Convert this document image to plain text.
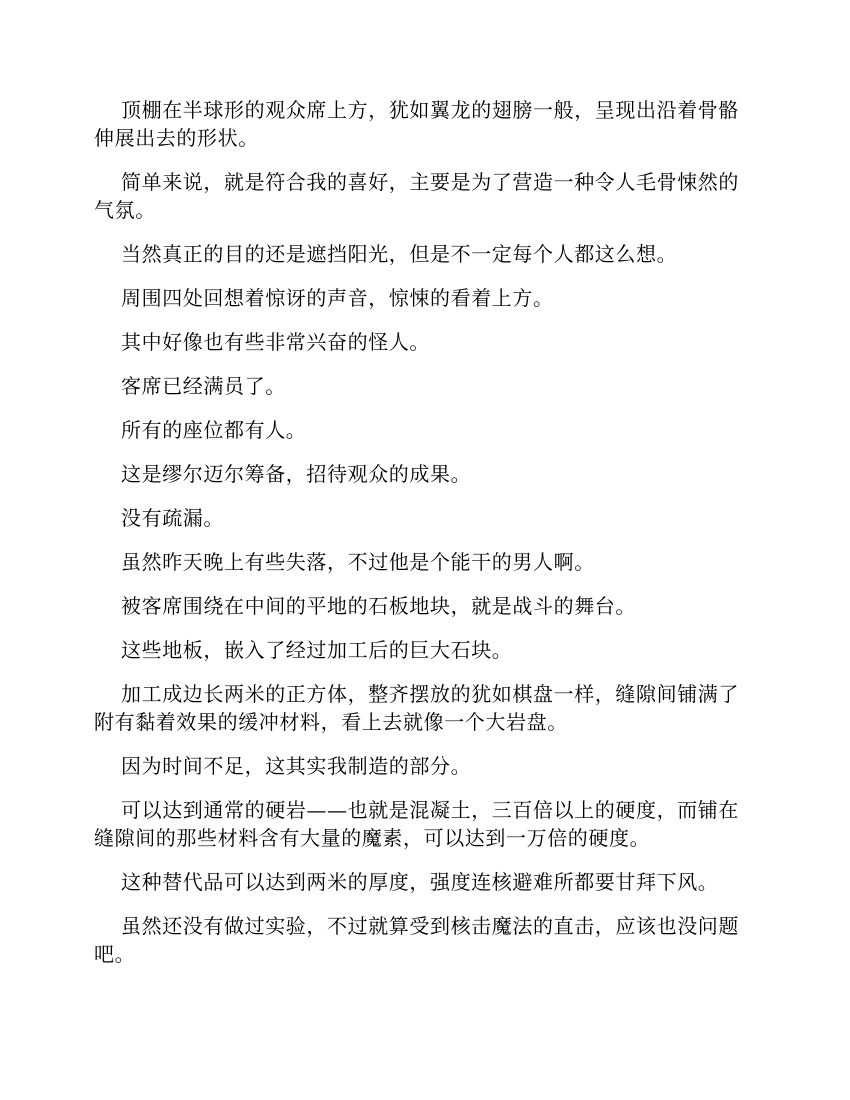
顶棚在半球形的观众席上方，犹如翼龙的翅膀一般，呈现出沿着骨骼伸展出去的形状。

简单来说，就是符合我的喜好，主要是为了营造一种令人毛骨悚然的气氛。

当然真正的目的还是遮挡阳光，但是不一定每个人都这么想。

周围四处回想着惊讶的声音，惊悚的看着上方。

其中好像也有些非常兴奋的怪人。

客席已经满员了。

所有的座位都有人。

这是缪尔迈尔筹备，招待观众的成果。

没有疏漏。

虽然昨天晚上有些失落，不过他是个能干的男人啊。

被客席围绕在中间的平地的石板地块，就是战斗的舞台。

这些地板，嵌入了经过加工后的巨大石块。

加工成边长两米的正方体，整齐摆放的犹如棋盘一样，缝隙间铺满了附有黏着效果的缓冲材料，看上去就像一个大岩盘。

因为时间不足，这其实我制造的部分。

可以达到通常的硬岩——也就是混凝土，三百倍以上的硬度，而铺在缝隙间的那些材料含有大量的魔素，可以达到一万倍的硬度。

这种替代品可以达到两米的厚度，强度连核避难所都要甘拜下风。

虽然还没有做过实验，不过就算受到核击魔法的直击，应该也没问题吧。
